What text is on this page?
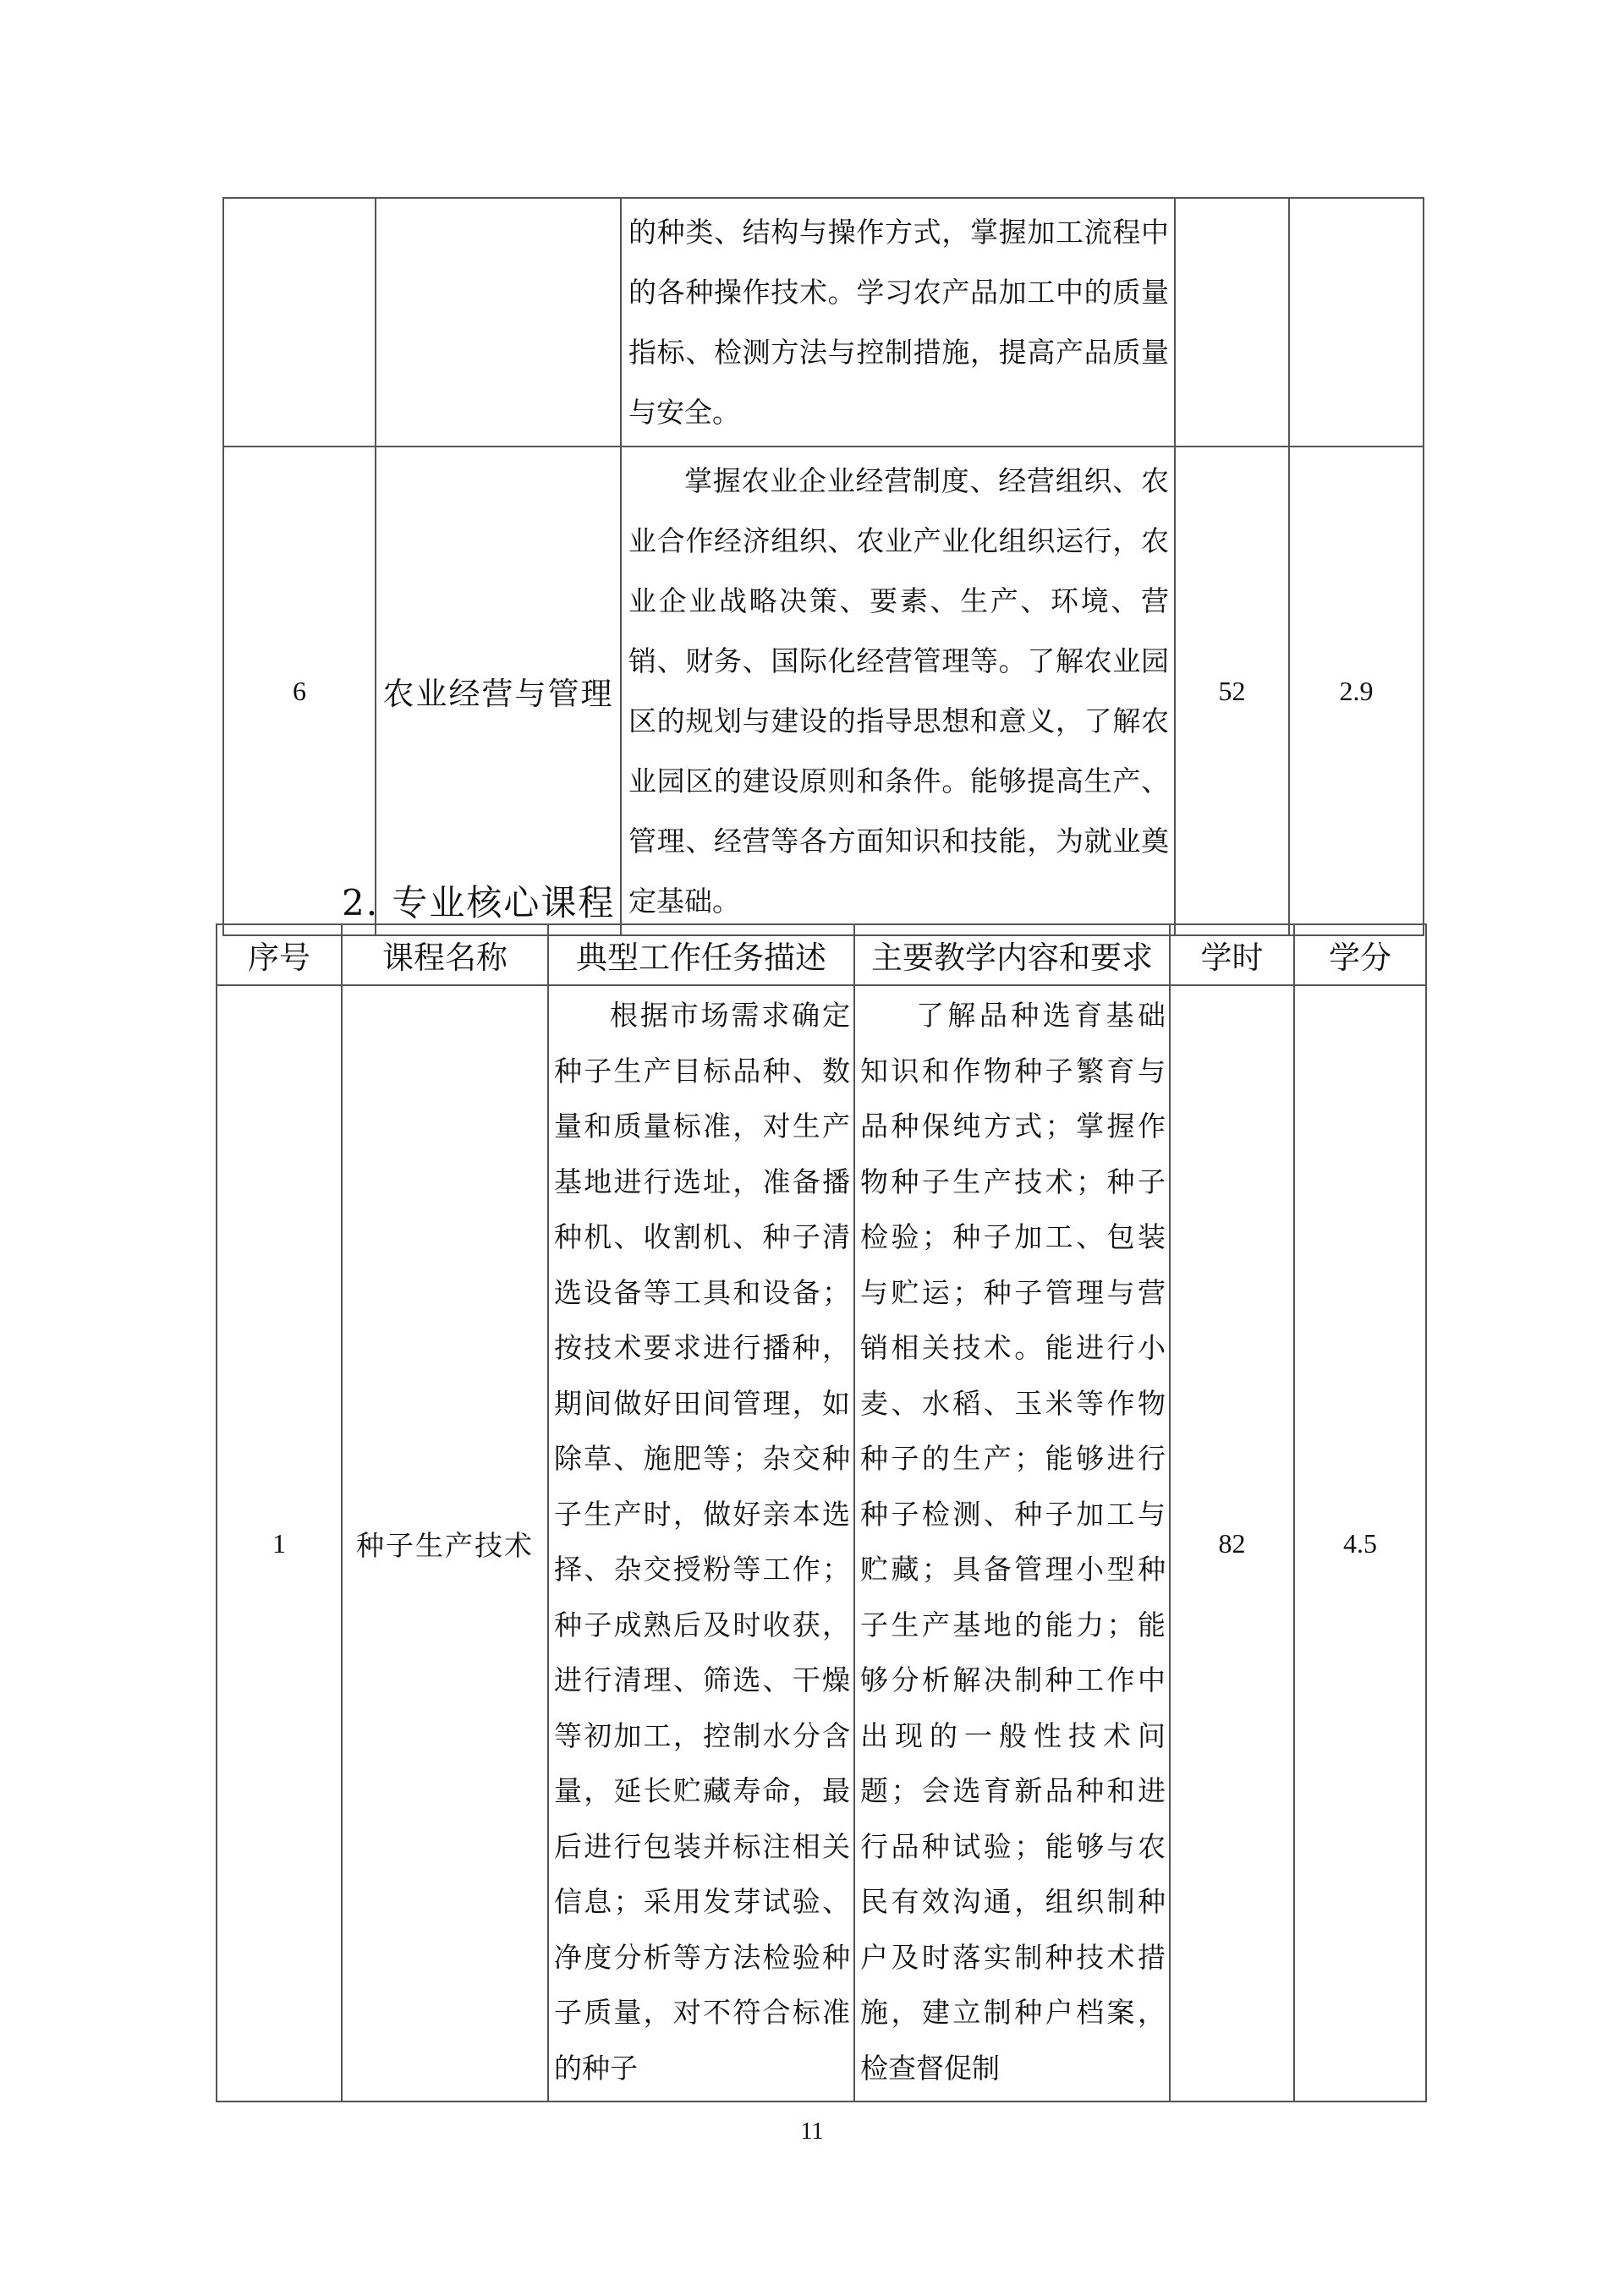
		的种类、结构与操作方式，掌握加工流程中的各种操作技术。学习农产品加工中的质量指标、检测方法与控制措施，提高产品质量与安全。		

6	农业经营与管理	掌握农业企业经营制度、经营组织、农业合作经济组织、农业产业化组织运行，农业企业战略决策、要素、生产、环境、营销、财务、国际化经营管理等。了解农业园区的规划与建设的指导思想和意义，了解农业园区的建设原则和条件。能够提高生产、管理、经营等各方面知识和技能，为就业奠定基础。	52	2.9
2. 专业核心课程
序号	课程名称	典型工作任务描述	主要教学内容和要求	学时	学分
1	种子生产技术	根据市场需求确定种子生产目标品种、数量和质量标准，对生产基地进行选址，准备播种机、收割机、种子清选设备等工具和设备；按技术要求进行播种，期间做好田间管理，如除草、施肥等；杂交种子生产时，做好亲本选择、杂交授粉等工作；种子成熟后及时收获，进行清理、筛选、干燥等初加工，控制水分含量，延长贮藏寿命，最后进行包装并标注相关信息；采用发芽试验、净度分析等方法检验种子质量，对不符合标准的种子	了解品种选育基础知识和作物种子繁育与品种保纯方式；掌握作物种子生产技术；种子检验；种子加工、包装与贮运；种子管理与营销相关技术。能进行小麦、水稻、玉米等作物种子的生产；能够进行种子检测、种子加工与贮藏；具备管理小型种子生产基地的能力；能够分析解决制种工作中出现的一般性技术问题；会选育新品种和进行品种试验；能够与农民有效沟通，组织制种户及时落实制种技术措施，建立制种户档案，检查督促制	82	4.5
11
